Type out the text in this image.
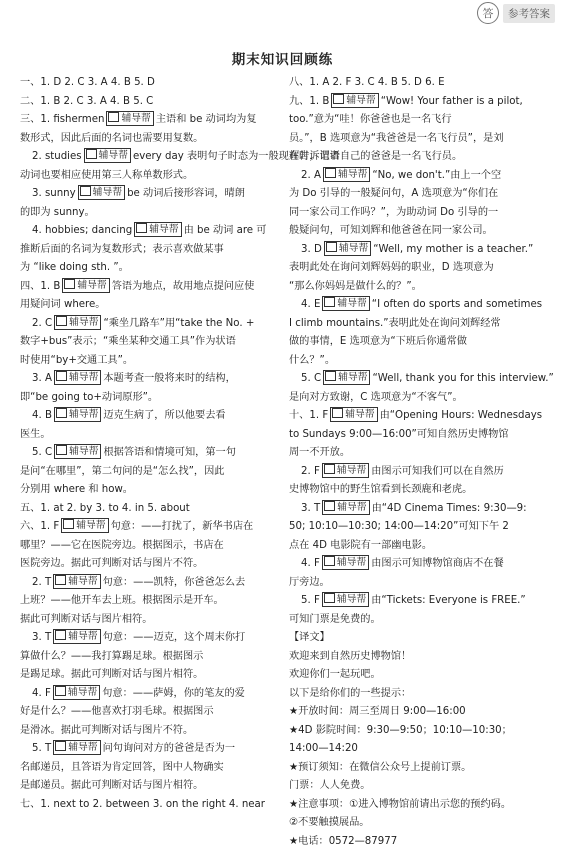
答	参考答案
期末知识回顾练

一、1. D 2. C 3. A 4. B 5. D

二、1. B 2. C 3. A 4. B 5. C

三、1. fishermen 辅导帮 主语和 be 动词均为复

数形式，因此后面的名词也需要用复数。

2. studies 辅导帮 every day 表明句子时态为一般现在时，谓语

动词也要相应使用第三人称单数形式。

3. sunny 辅导帮 be 动词后接形容词，晴朗

的即为 sunny。

4. hobbies; dancing 辅导帮 由 be 动词 are 可

推断后面的名词为复数形式；表示喜欢做某事

为 “like doing sth. ”。

四、1. B 辅导帮 答语为地点，故用地点提问应使

用疑问词 where。

2. C 辅导帮 “乘坐几路车”用“take the No. +

数字+bus”表示；“乘坐某种交通工具”作为状语

时使用“by+交通工具”。

3. A 辅导帮 本题考查一般将来时的结构，

即“be going to+动词原形”。

4. B 辅导帮 迈克生病了，所以他要去看

医生。

5. C 辅导帮 根据答语和情境可知，第一句

是问“在哪里”，第二句问的是“怎么找”，因此

分别用 where 和 how。

五、1. at 2. by 3. to 4. in 5. about

六、1. F 辅导帮 句意：——打扰了，新华书店在

哪里？——它在医院旁边。根据图示，书店在

医院旁边。据此可判断对话与图片不符。

2. T 辅导帮 句意：——凯特，你爸爸怎么去

上班？——他开车去上班。根据图示是开车。

据此可判断对话与图片相符。

3. T 辅导帮 句意：——迈克，这个周末你打

算做什么？——我打算踢足球。根据图示

是踢足球。据此可判断对话与图片相符。

4. F 辅导帮 句意：——萨姆，你的笔友的爱

好是什么？——他喜欢打羽毛球。根据图示

是滑冰。据此可判断对话与图片不符。

5. T 辅导帮 问句询问对方的爸爸是否为一

名邮递员，且答语为肯定回答，图中人物确实

是邮递员。据此可判断对话与图片相符。

七、1. next to 2. between 3. on the right 4. near

八、1. A 2. F 3. C 4. B 5. D 6. E

九、1. B 辅导帮 “Wow! Your father is a pilot,

too.”意为“哇！你爸爸也是一名飞行

员。”，B 选项意为“我爸爸是一名飞行员”，是刘

辉告诉记者自己的爸爸是一名飞行员。

2. A 辅导帮 “No, we don't.”由上一个空

为 Do 引导的一般疑问句，A 选项意为“你们在

同一家公司工作吗？”，为助动词 Do 引导的一

般疑问句，可知刘辉和他爸爸在同一家公司。

3. D 辅导帮 “Well, my mother is a teacher.”

表明此处在询问刘辉妈妈的职业，D 选项意为

“那么你妈妈是做什么的？”。

4. E 辅导帮 “I often do sports and sometimes

I climb mountains.”表明此处在询问刘辉经常

做的事情，E 选项意为“下班后你通常做

什么？”。

5. C 辅导帮 “Well, thank you for this interview.”

是向对方致谢，C 选项意为“不客气”。

十、1. F 辅导帮 由“Opening Hours: Wednesdays

to Sundays 9:00—16:00”可知自然历史博物馆

周一不开放。

2. F 辅导帮 由图示可知我们可以在自然历

史博物馆中的野生馆看到长颈鹿和老虎。

3. T 辅导帮 由“4D Cinema Times: 9:30—9:

50; 10:10—10:30; 14:00—14:20”可知下午 2

点在 4D 电影院有一部幽电影。

4. F 辅导帮 由图示可知博物馆商店不在餐

厅旁边。

5. F 辅导帮 由“Tickets: Everyone is FREE.”

可知门票是免费的。

【译文】

欢迎来到自然历史博物馆！

欢迎你们一起玩吧。

以下是给你们的一些提示：

★开放时间：周三至周日 9:00—16:00

★4D 影院时间：9:30—9:50；10:10—10:30；

14:00—14:20

★预订须知：在微信公众号上提前订票。

门票：人人免费。

★注意事项：①进入博物馆前请出示您的预约码。

②不要触摸展品。

★电话：0572—87977
